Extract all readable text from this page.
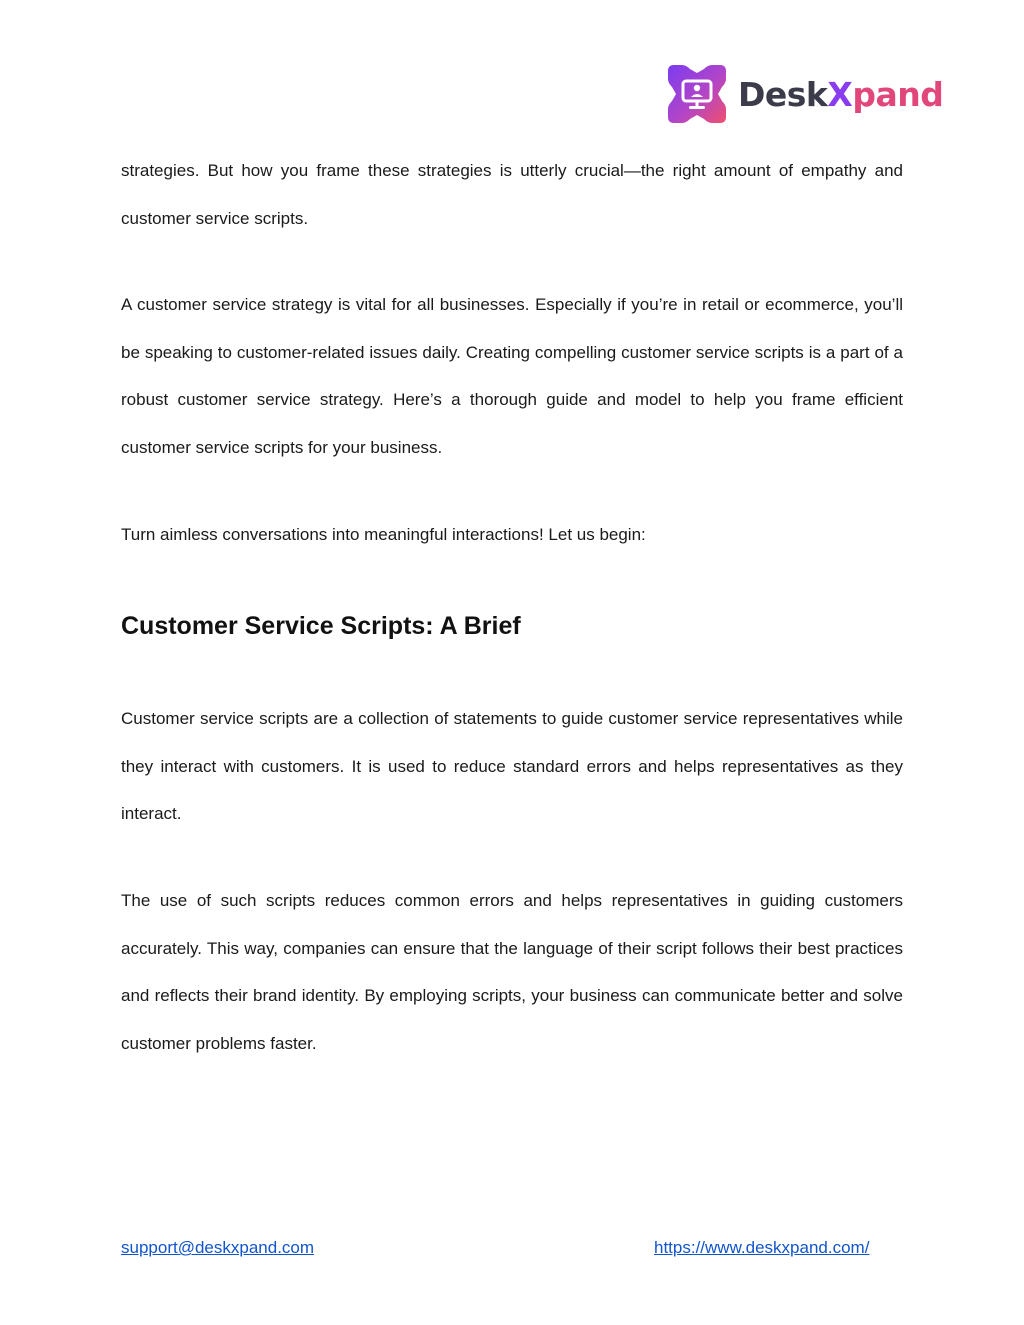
DeskXpand

strategies. But how you frame these strategies is utterly crucial—the right amount of empathy and customer service scripts.

A customer service strategy is vital for all businesses. Especially if you’re in retail or ecommerce, you’ll be speaking to customer-related issues daily. Creating compelling customer service scripts is a part of a robust customer service strategy. Here’s a thorough guide and model to help you frame efficient customer service scripts for your business.

Turn aimless conversations into meaningful interactions! Let us begin:

Customer Service Scripts: A Brief

Customer service scripts are a collection of statements to guide customer service representatives while they interact with customers. It is used to reduce standard errors and helps representatives as they interact.

The use of such scripts reduces common errors and helps representatives in guiding customers accurately. This way, companies can ensure that the language of their script follows their best practices and reflects their brand identity. By employing scripts, your business can communicate better and solve customer problems faster.

support@deskxpand.com	https://www.deskxpand.com/
